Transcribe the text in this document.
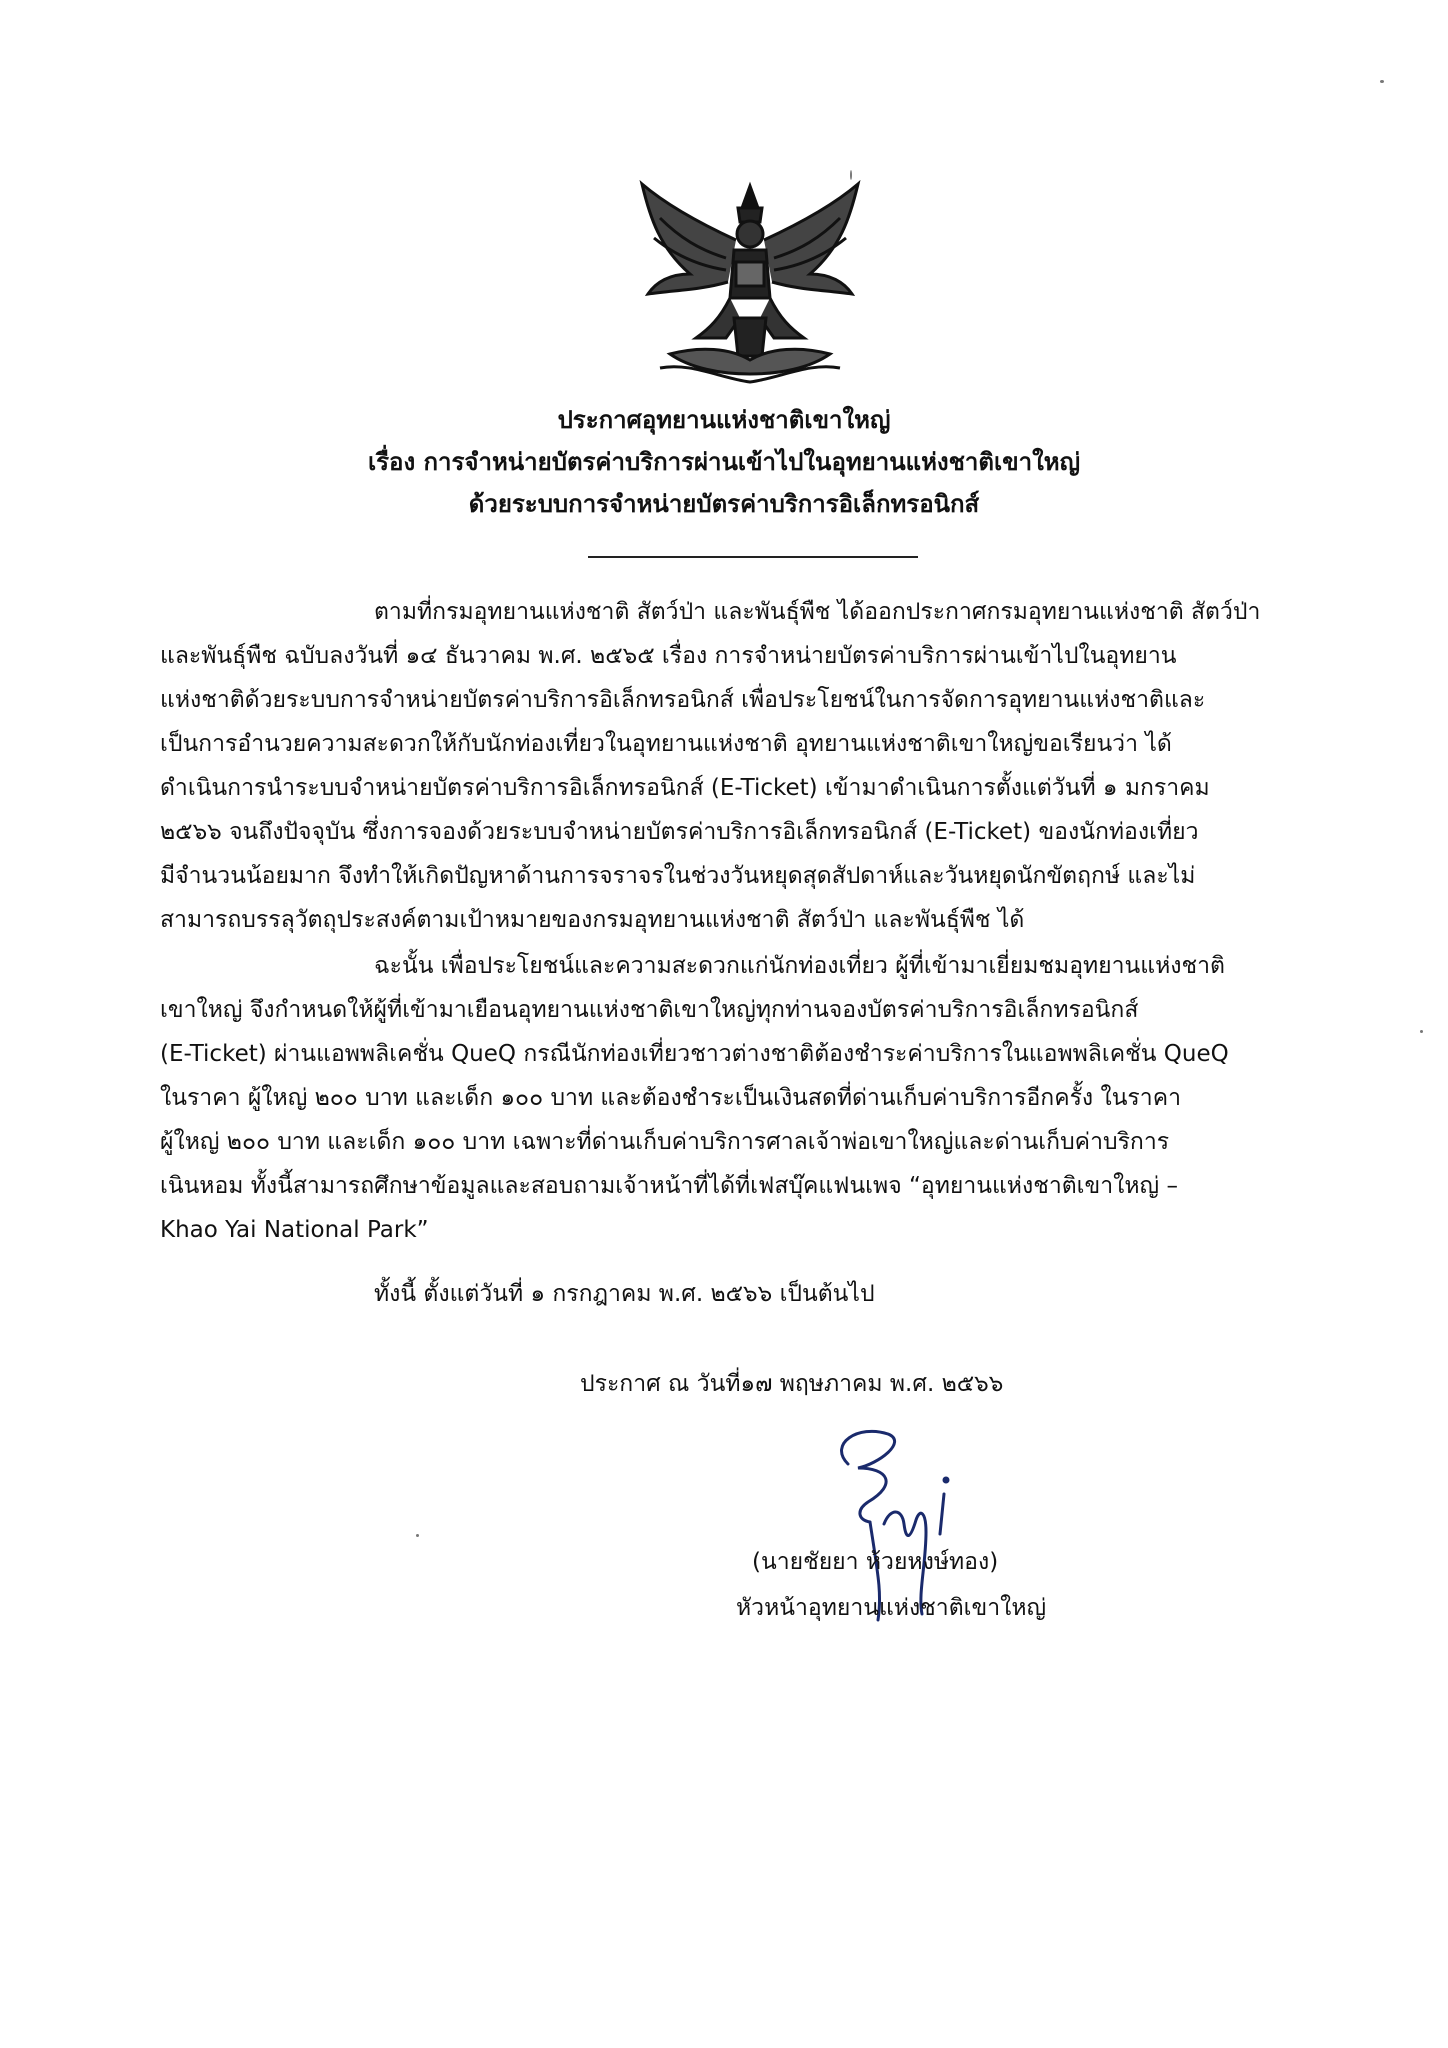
ประกาศอุทยานแห่งชาติเขาใหญ่
เรื่อง การจำหน่ายบัตรค่าบริการผ่านเข้าไปในอุทยานแห่งชาติเขาใหญ่
ด้วยระบบการจำหน่ายบัตรค่าบริการอิเล็กทรอนิกส์
ตามที่กรมอุทยานแห่งชาติ สัตว์ป่า และพันธุ์พืช ได้ออกประกาศกรมอุทยานแห่งชาติ สัตว์ป่า
และพันธุ์พืช ฉบับลงวันที่ ๑๔ ธันวาคม พ.ศ. ๒๕๖๕ เรื่อง การจำหน่ายบัตรค่าบริการผ่านเข้าไปในอุทยาน
แห่งชาติด้วยระบบการจำหน่ายบัตรค่าบริการอิเล็กทรอนิกส์ เพื่อประโยชน์ในการจัดการอุทยานแห่งชาติและ
เป็นการอำนวยความสะดวกให้กับนักท่องเที่ยวในอุทยานแห่งชาติ อุทยานแห่งชาติเขาใหญ่ขอเรียนว่า ได้
ดำเนินการนำระบบจำหน่ายบัตรค่าบริการอิเล็กทรอนิกส์ (E-Ticket) เข้ามาดำเนินการตั้งแต่วันที่ ๑ มกราคม
๒๕๖๖ จนถึงปัจจุบัน ซึ่งการจองด้วยระบบจำหน่ายบัตรค่าบริการอิเล็กทรอนิกส์ (E-Ticket) ของนักท่องเที่ยว
มีจำนวนน้อยมาก จึงทำให้เกิดปัญหาด้านการจราจรในช่วงวันหยุดสุดสัปดาห์และวันหยุดนักขัตฤกษ์ และไม่
สามารถบรรลุวัตถุประสงค์ตามเป้าหมายของกรมอุทยานแห่งชาติ สัตว์ป่า และพันธุ์พืช ได้
ฉะนั้น เพื่อประโยชน์และความสะดวกแก่นักท่องเที่ยว ผู้ที่เข้ามาเยี่ยมชมอุทยานแห่งชาติ
เขาใหญ่ จึงกำหนดให้ผู้ที่เข้ามาเยือนอุทยานแห่งชาติเขาใหญ่ทุกท่านจองบัตรค่าบริการอิเล็กทรอนิกส์
(E-Ticket) ผ่านแอพพลิเคชั่น QueQ กรณีนักท่องเที่ยวชาวต่างชาติต้องชำระค่าบริการในแอพพลิเคชั่น QueQ
ในราคา ผู้ใหญ่ ๒๐๐ บาท และเด็ก ๑๐๐ บาท และต้องชำระเป็นเงินสดที่ด่านเก็บค่าบริการอีกครั้ง ในราคา
ผู้ใหญ่ ๒๐๐ บาท และเด็ก ๑๐๐ บาท เฉพาะที่ด่านเก็บค่าบริการศาลเจ้าพ่อเขาใหญ่และด่านเก็บค่าบริการ
เนินหอม ทั้งนี้สามารถศึกษาข้อมูลและสอบถามเจ้าหน้าที่ได้ที่เฟสบุ๊คแฟนเพจ “อุทยานแห่งชาติเขาใหญ่ –
Khao Yai National Park”
ทั้งนี้ ตั้งแต่วันที่ ๑ กรกฎาคม พ.ศ. ๒๕๖๖ เป็นต้นไป
ประกาศ ณ วันที่๑๗ พฤษภาคม พ.ศ. ๒๕๖๖
(นายชัยยา ห้วยหงษ์ทอง)
หัวหน้าอุทยานแห่งชาติเขาใหญ่
